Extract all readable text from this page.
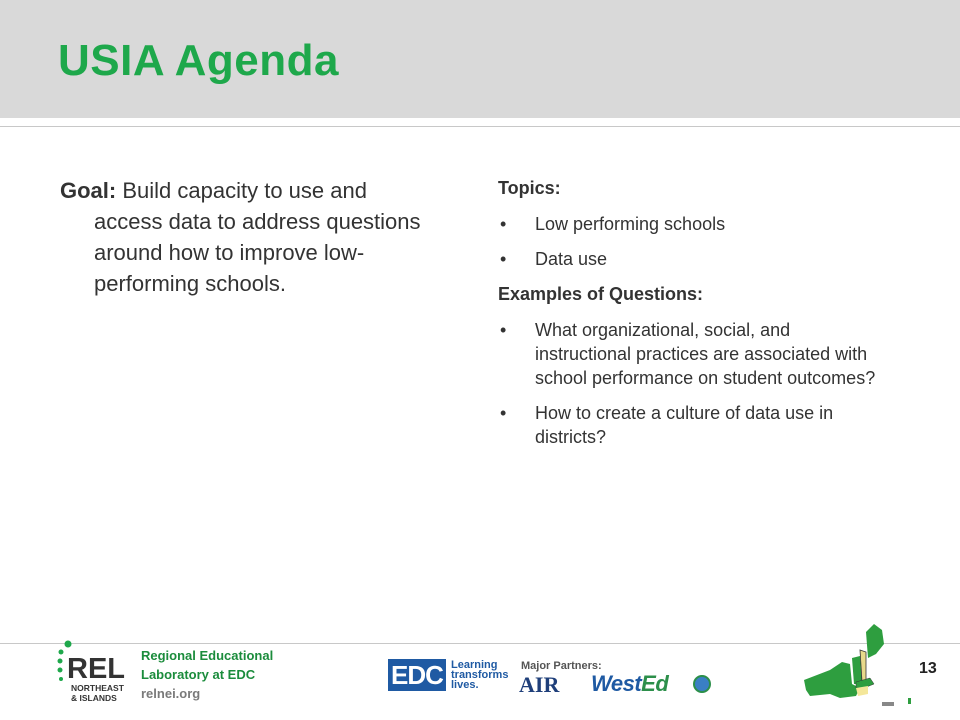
USIA Agenda

Goal: Build capacity to use and access data to address questions around how to improve low-performing schools.

Topics:
• Low performing schools
• Data use
Examples of Questions:
• What organizational, social, and instructional practices are associated with school performance on student outcomes?
• How to create a culture of data use in districts?
REL
NORTHEAST
& ISLANDS
Regional Educational
Laboratory at EDC
relnei.org
EDC Learning
transforms
lives.
Major Partners:
AIR WestEd
13
